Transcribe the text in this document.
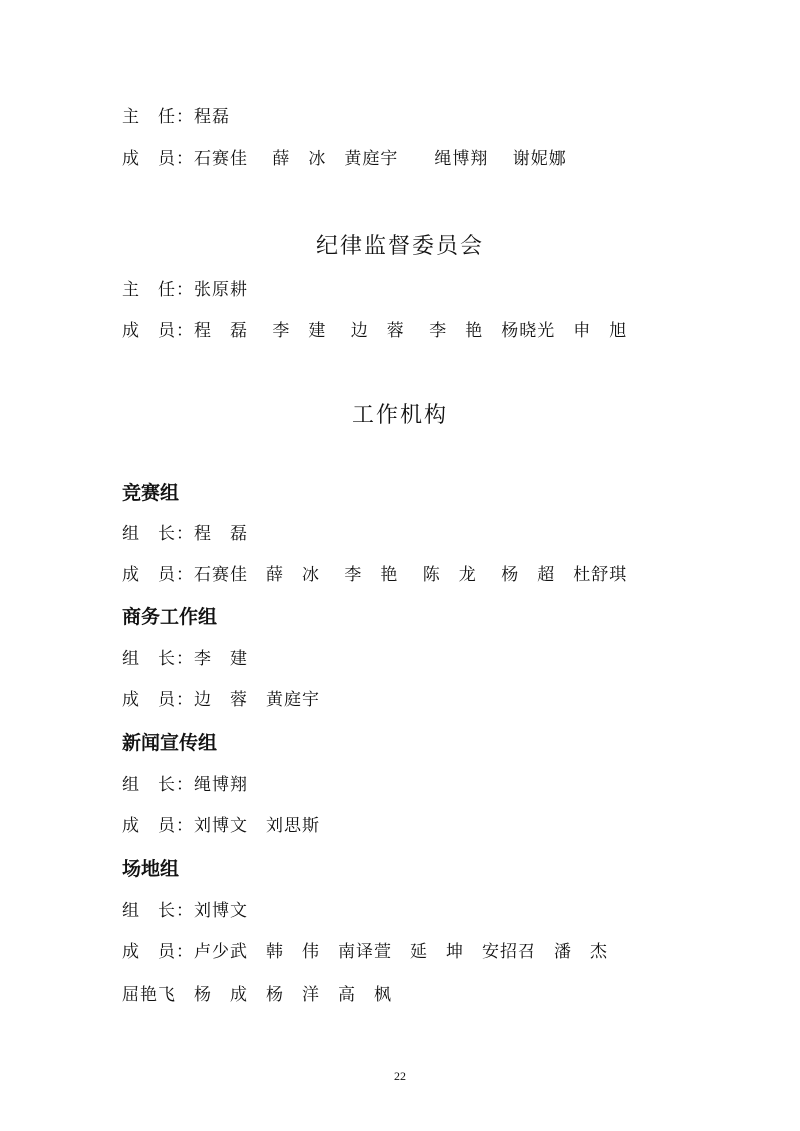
主　任：程磊
成　员：石赛佳　 薛　冰　黄庭宇　　绳博翔　 谢妮娜
纪律监督委员会
主　任：张原耕
成　员：程　磊　 李　建　 边　蓉　 李　艳　杨晓光　申　旭
工作机构
竞赛组
组　长：程　磊
成　员：石赛佳　薛　冰　 李　艳　 陈　龙　 杨　超　杜舒琪
商务工作组
组　长：李　建
成　员：边　蓉　黄庭宇
新闻宣传组
组　长：绳博翔
成　员：刘博文　刘思斯
场地组
组　长：刘博文
成　员：卢少武　韩　伟　南译萱　延　坤　安招召　潘　杰
屈艳飞　杨　成　杨　洋　高　枫
22
